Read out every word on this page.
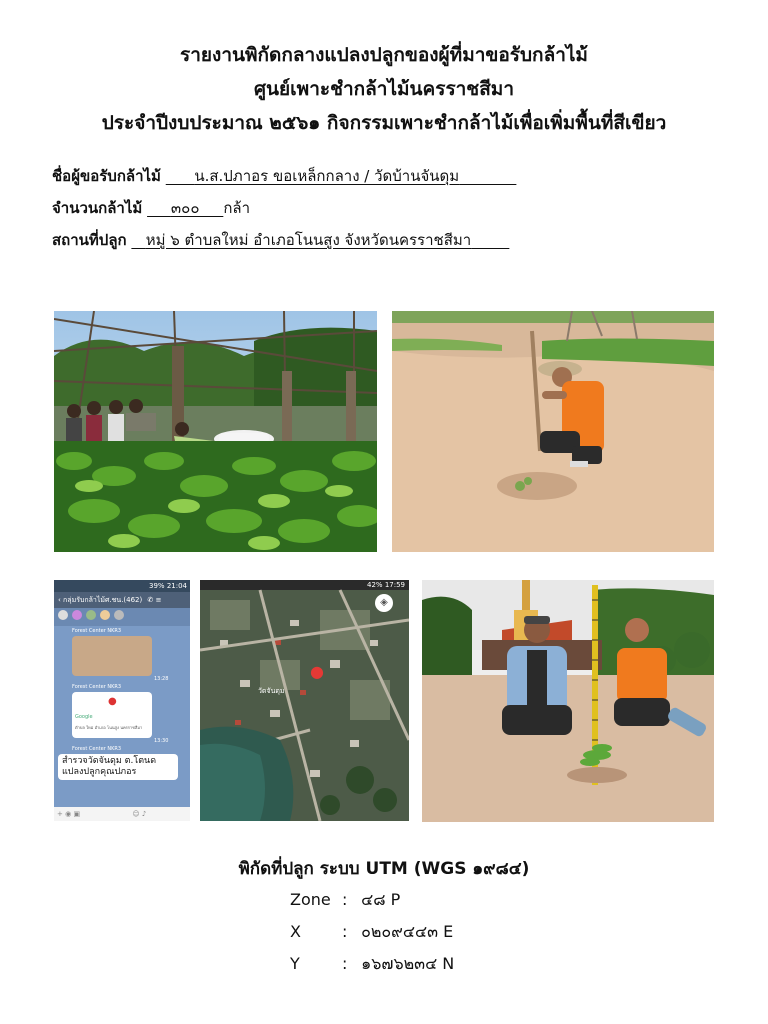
รายงานพิกัดกลางแปลงปลูกของผู้ที่มาขอรับกล้าไม้
ศูนย์เพาะชำกล้าไม้นครราชสีมา
ประจำปีงบประมาณ ๒๕๖๑ กิจกรรมเพาะชำกล้าไม้เพื่อเพิ่มพื้นที่สีเขียว
ชื่อผู้ขอรับกล้าไม้ น.ส.ปภาอร ขอเหล็กกลาง / วัดบ้านจันดุม
จำนวนกล้าไม้ ๓๐๐ กล้า
สถานที่ปลูก หมู่ ๖ ตำบลใหม่ อำเภอโนนสูง จังหวัดนครราชสีมา
39% 21:04
‹ กลุ่มรับกล้าไม้ศ.ชน.(462) ✆ ≡
Forest Center NKR3
13:28
Forest Center NKR3
●
Google
ตำบล ใหม่ อำเภอ โนนสูง นครราชสีมา
13:30
Forest Center NKR3
สำรวจวัดจันดุม ต.โตนด แปลงปลูกคุณปภอร
+ ◉ ▣	☺ ♪
42% 17:59
◈
●
วัดจันดุม
พิกัดที่ปลูก ระบบ UTM (WGS ๑๙๘๔)
Zone : ๔๘ P
X	: ๐๒๐๙๔๔๓ E
Y	: ๑๖๗๖๒๓๔ N
